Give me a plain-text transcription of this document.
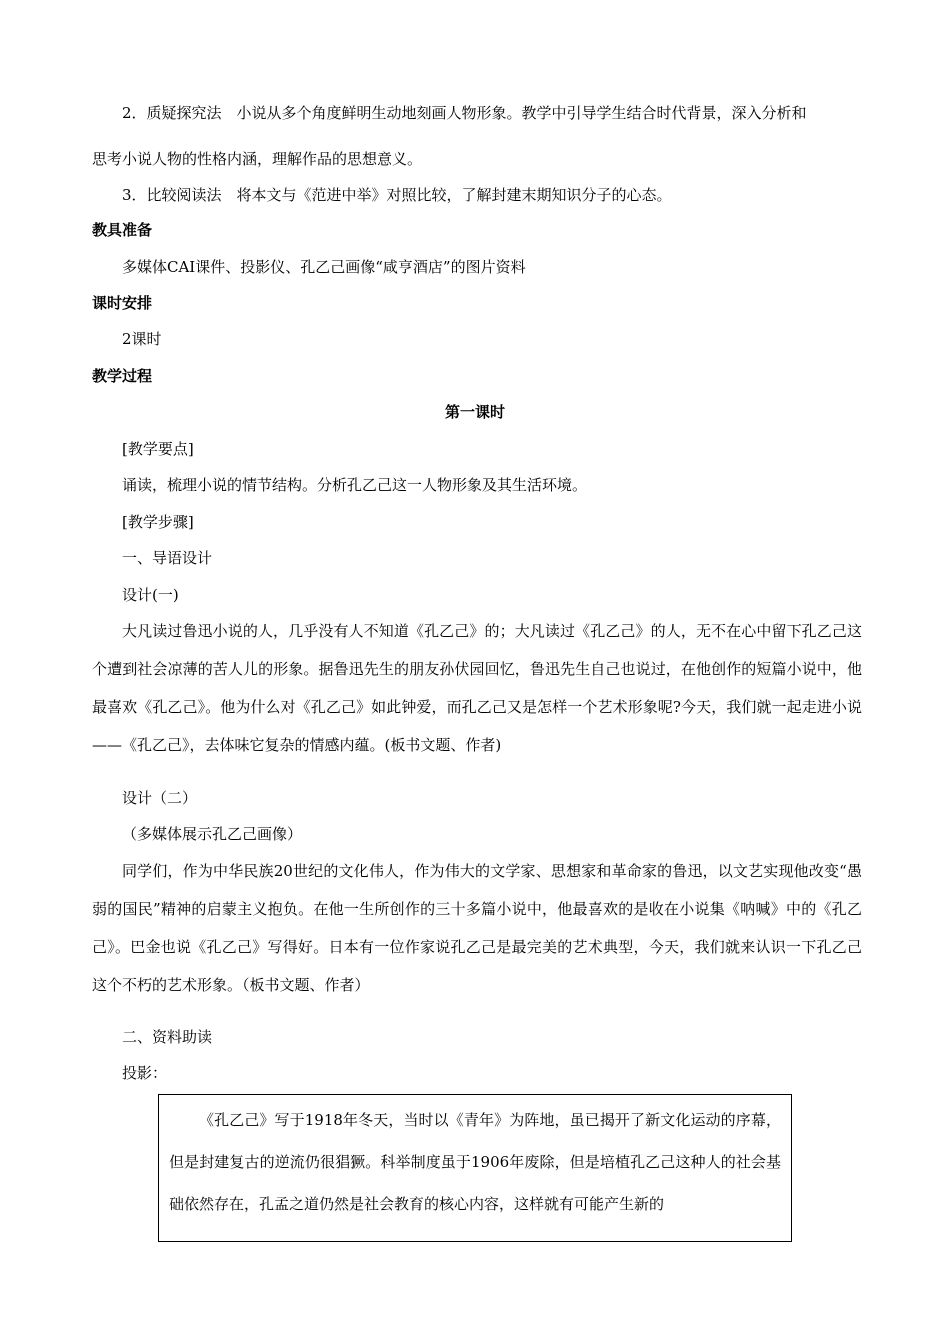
2．质疑探究法　小说从多个角度鲜明生动地刻画人物形象。教学中引导学生结合时代背景，深入分析和
思考小说人物的性格内涵，理解作品的思想意义。
3．比较阅读法　将本文与《范进中举》对照比较，了解封建末期知识分子的心态。
教具准备
多媒体CAI课件、投影仪、孔乙己画像“咸亨酒店”的图片资料
课时安排
2课时
教学过程
第一课时
[教学要点]
诵读，梳理小说的情节结构。分析孔乙己这一人物形象及其生活环境。
[教学步骤]
一、导语设计
设计(一)
大凡读过鲁迅小说的人，几乎没有人不知道《孔乙己》的；大凡读过《孔乙己》的人，无不在心中留下孔乙己这个遭到社会凉薄的苦人儿的形象。据鲁迅先生的朋友孙伏园回忆，鲁迅先生自己也说过，在他创作的短篇小说中，他最喜欢《孔乙己》。他为什么对《孔乙己》如此钟爱，而孔乙己又是怎样一个艺术形象呢?今天，我们就一起走进小说——《孔乙己》，去体味它复杂的情感内蕴。(板书文题、作者)
设计（二）
（多媒体展示孔乙己画像）
同学们，作为中华民族20世纪的文化伟人，作为伟大的文学家、思想家和革命家的鲁迅，以文艺实现他改变“愚弱的国民”精神的启蒙主义抱负。在他一生所创作的三十多篇小说中，他最喜欢的是收在小说集《呐喊》中的《孔乙己》。巴金也说《孔乙己》写得好。日本有一位作家说孔乙己是最完美的艺术典型，今天，我们就来认识一下孔乙己这个不朽的艺术形象。（板书文题、作者）
二、资料助读
投影：
《孔乙己》写于1918年冬天，当时以《青年》为阵地，虽已揭开了新文化运动的序幕，但是封建复古的逆流仍很猖獗。科举制度虽于1906年废除，但是培植孔乙己这种人的社会基础依然存在，孔孟之道仍然是社会教育的核心内容，这样就有可能产生新的
